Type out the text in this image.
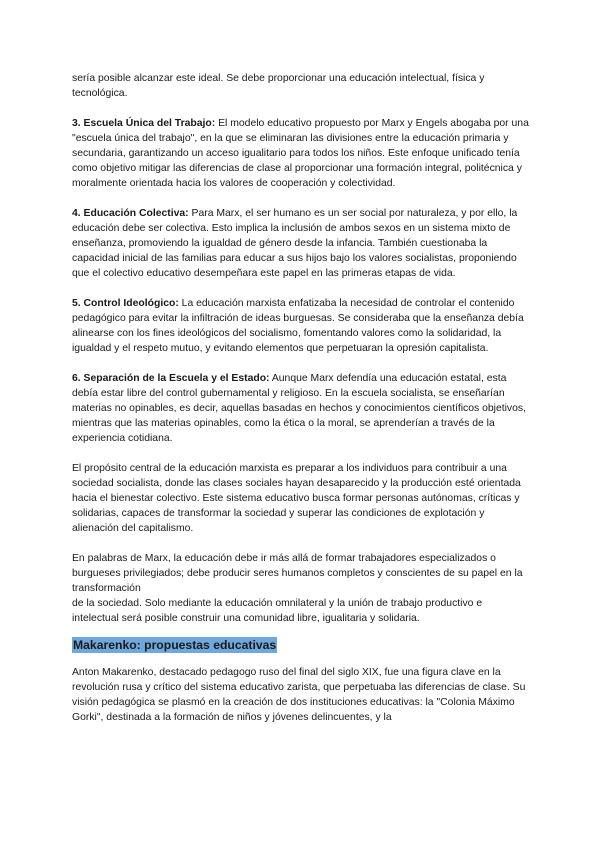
sería posible alcanzar este ideal. Se debe proporcionar una educación intelectual, física y tecnológica.

3. Escuela Única del Trabajo: El modelo educativo propuesto por Marx y Engels abogaba por una "escuela única del trabajo", en la que se eliminaran las divisiones entre la educación primaria y secundaria, garantizando un acceso igualitario para todos los niños. Este enfoque unificado tenía como objetivo mitigar las diferencias de clase al proporcionar una formación integral, politécnica y moralmente orientada hacia los valores de cooperación y colectividad.

4. Educación Colectiva: Para Marx, el ser humano es un ser social por naturaleza, y por ello, la educación debe ser colectiva. Esto implica la inclusión de ambos sexos en un sistema mixto de enseñanza, promoviendo la igualdad de género desde la infancia. También cuestionaba la capacidad inicial de las familias para educar a sus hijos bajo los valores socialistas, proponiendo que el colectivo educativo desempeñara este papel en las primeras etapas de vida.

5. Control Ideológico: La educación marxista enfatizaba la necesidad de controlar el contenido pedagógico para evitar la infiltración de ideas burguesas. Se consideraba que la enseñanza debía alinearse con los fines ideológicos del socialismo, fomentando valores como la solidaridad, la igualdad y el respeto mutuo, y evitando elementos que perpetuaran la opresión capitalista.

6. Separación de la Escuela y el Estado: Aunque Marx defendía una educación estatal, esta debía estar libre del control gubernamental y religioso. En la escuela socialista, se enseñarían materias no opinables, es decir, aquellas basadas en hechos y conocimientos científicos objetivos, mientras que las materias opinables, como la ética o la moral, se aprenderían a través de la experiencia cotidiana.

El propósito central de la educación marxista es preparar a los individuos para contribuir a una sociedad socialista, donde las clases sociales hayan desaparecido y la producción esté orientada hacia el bienestar colectivo. Este sistema educativo busca formar personas autónomas, críticas y solidarias, capaces de transformar la sociedad y superar las condiciones de explotación y alienación del capitalismo.

En palabras de Marx, la educación debe ir más allá de formar trabajadores especializados o burgueses privilegiados; debe producir seres humanos completos y conscientes de su papel en la transformación

de la sociedad. Solo mediante la educación omnilateral y la unión de trabajo productivo e intelectual será posible construir una comunidad libre, igualitaria y solidaria.

Makarenko: propuestas educativas

Anton Makarenko, destacado pedagogo ruso del final del siglo XIX, fue una figura clave en la revolución rusa y crítico del sistema educativo zarista, que perpetuaba las diferencias de clase. Su visión pedagógica se plasmó en la creación de dos instituciones educativas: la "Colonia Máximo Gorki", destinada a la formación de niños y jóvenes delincuentes, y la
